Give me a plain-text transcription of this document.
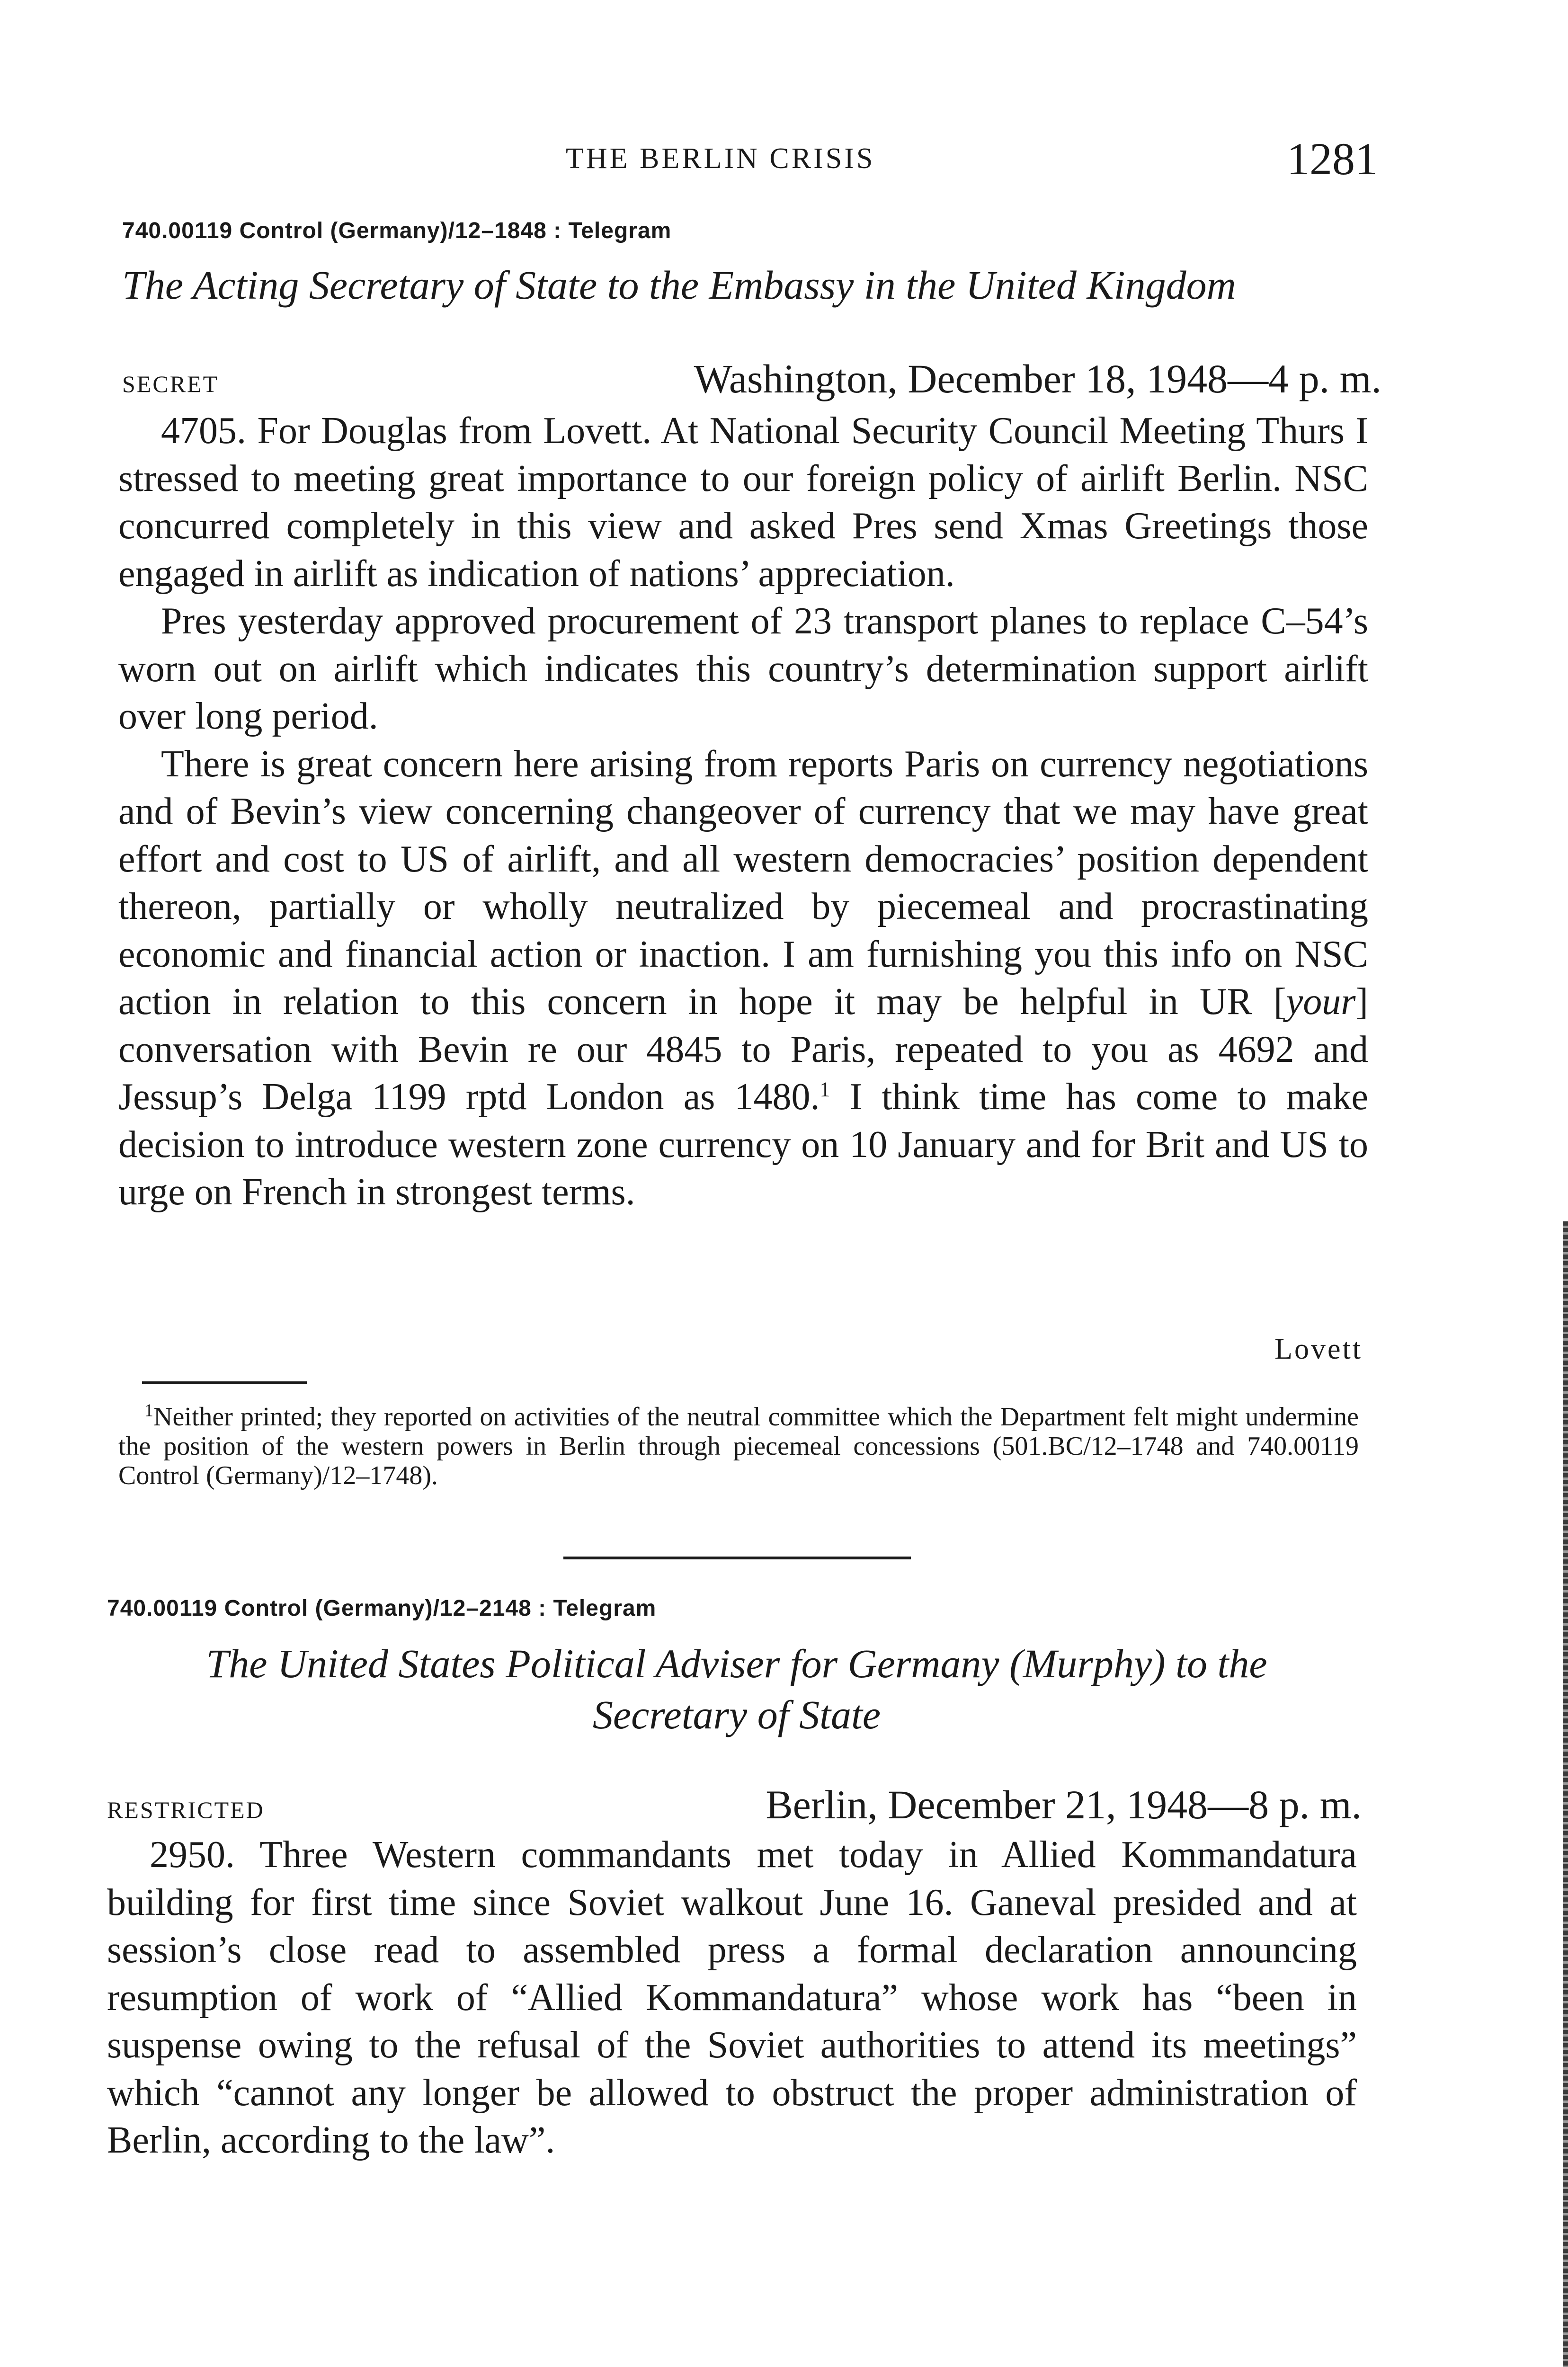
THE BERLIN CRISIS	1281
740.00119 Control (Germany)/12–1848 : Telegram
The Acting Secretary of State to the Embassy in the United Kingdom
SECRET	Washington, December 18, 1948—4 p. m.

4705. For Douglas from Lovett. At National Security Council Meeting Thurs I stressed to meeting great importance to our foreign policy of airlift Berlin. NSC concurred completely in this view and asked Pres send Xmas Greetings those engaged in airlift as indication of nations’ appreciation.

Pres yesterday approved procurement of 23 transport planes to replace C–54’s worn out on airlift which indicates this country’s determination support airlift over long period.

There is great concern here arising from reports Paris on currency negotiations and of Bevin’s view concerning changeover of currency that we may have great effort and cost to US of airlift, and all western democracies’ position dependent thereon, partially or wholly neutralized by piecemeal and procrastinating economic and financial action or inaction. I am furnishing you this info on NSC action in relation to this concern in hope it may be helpful in UR [your] conversation with Bevin re our 4845 to Paris, repeated to you as 4692 and Jessup’s Delga 1199 rptd London as 1480.$^1$ I think time has come to make decision to introduce western zone currency on 10 January and for Brit and US to urge on French in strongest terms.

Lovett
$^1$Neither printed; they reported on activities of the neutral committee which the Department felt might undermine the position of the western powers in Berlin through piecemeal concessions (501.BC/12–1748 and 740.00119 Control (Germany)/12–1748).
740.00119 Control (Germany)/12–2148 : Telegram
The United States Political Adviser for Germany (Murphy) to the
Secretary of State
RESTRICTED	Berlin, December 21, 1948—8 p. m.

2950. Three Western commandants met today in Allied Kommandatura building for first time since Soviet walkout June 16. Ganeval presided and at session’s close read to assembled press a formal declaration announcing resumption of work of “Allied Kommandatura” whose work has “been in suspense owing to the refusal of the Soviet authorities to attend its meetings” which “cannot any longer be allowed to obstruct the proper administration of Berlin, according to the law”.
